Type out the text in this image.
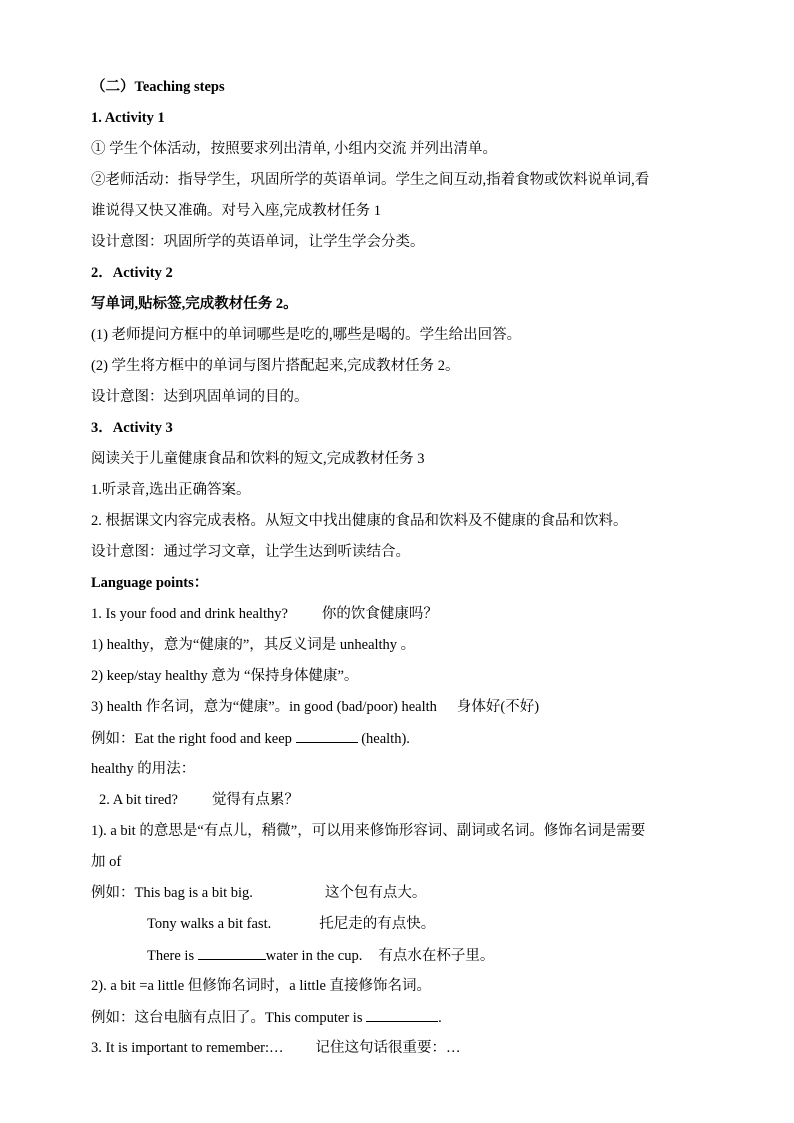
（二）Teaching steps
1. Activity 1
① 学生个体活动，按照要求列出清单, 小组内交流 并列出清单。
②老师活动：指导学生，巩固所学的英语单词。学生之间互动,指着食物或饮料说单词,看
谁说得又快又准确。对号入座,完成教材任务 1
设计意图：巩固所学的英语单词，让学生学会分类。
2．Activity 2
写单词,贴标签,完成教材任务 2。
(1) 老师提问方框中的单词哪些是吃的,哪些是喝的。学生给出回答。
(2) 学生将方框中的单词与图片搭配起来,完成教材任务 2。
设计意图：达到巩固单词的目的。
3．Activity 3
阅读关于儿童健康食品和饮料的短文,完成教材任务 3
1.听录音,选出正确答案。
2. 根据课文内容完成表格。从短文中找出健康的食品和饮料及不健康的食品和饮料。
设计意图：通过学习文章，让学生达到听读结合。
Language points：
1. Is your food and drink healthy? 你的饮食健康吗？
1) healthy，意为“健康的”，其反义词是 unhealthy 。
2) keep/stay healthy 意为 “保持身体健康”。
3) health 作名词，意为“健康”。in good (bad/poor) health 身体好(不好)
例如：Eat the right food and keep	(health).
healthy 的用法：
2. A bit tired? 觉得有点累？
1). a bit 的意思是“有点儿，稍微”，可以用来修饰形容词、副词或名词。修饰名词是需要
加 of
例如：This bag is a bit big.	这个包有点大。
Tony walks a bit fast.	托尼走的有点快。
There is	water in the cup. 有点水在杯子里。
2). a bit =a little 但修饰名词时，a little 直接修饰名词。
例如：这台电脑有点旧了。This computer is	.
3. It is important to remember:… 记住这句话很重要：…
